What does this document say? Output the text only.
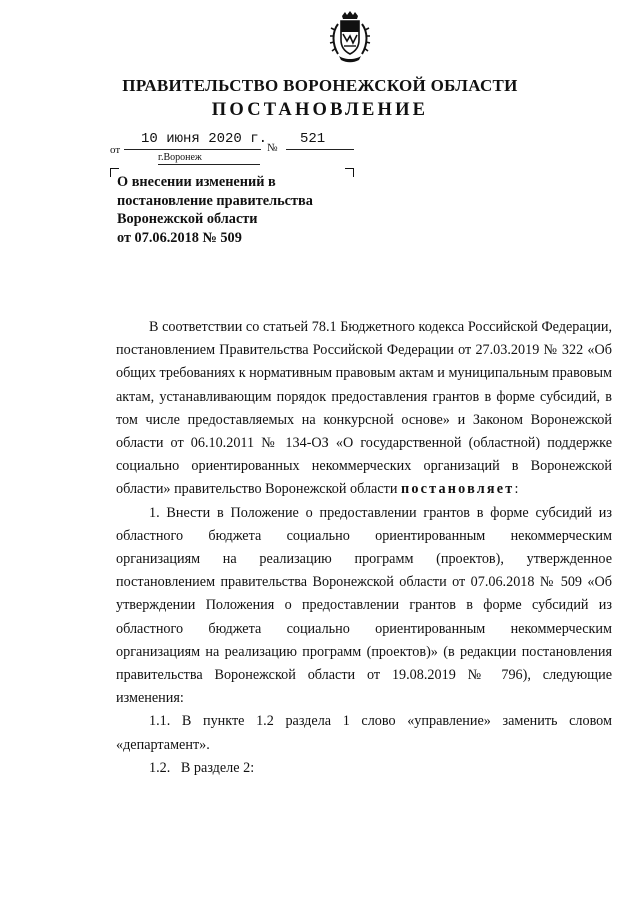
ПРАВИТЕЛЬСТВО ВОРОНЕЖСКОЙ ОБЛАСТИ
ПОСТАНОВЛЕНИЕ
от
10 июня 2020 г.
№
521
г.Воронеж
О внесении изменений в
постановление правительства
Воронежской области
от 07.06.2018 № 509

В соответствии со статьей 78.1 Бюджетного кодекса Российской Федерации, постановлением Правительства Российской Федерации от 27.03.2019 № 322 «Об общих требованиях к нормативным правовым актам и муниципальным правовым актам, устанавливающим порядок предоставления грантов в форме субсидий, в том числе предоставляемых на конкурсной основе» и Законом Воронежской области от 06.10.2011 № 134-ОЗ «О государственной (областной) поддержке социально ориентированных некоммерческих организаций в Воронежской области» правительство Воронежской области постановляет:

1. Внести в Положение о предоставлении грантов в форме субсидий из областного бюджета социально ориентированным некоммерческим организациям на реализацию программ (проектов), утвержденное постановлением правительства Воронежской области от 07.06.2018 № 509 «Об утверждении Положения о предоставлении грантов в форме субсидий из областного бюджета социально ориентированным некоммерческим организациям на реализацию программ (проектов)» (в редакции постановления правительства Воронежской области от 19.08.2019 № 796), следующие изменения:

1.1. В пункте 1.2 раздела 1 слово «управление» заменить словом «департамент».

1.2.   В разделе 2:
